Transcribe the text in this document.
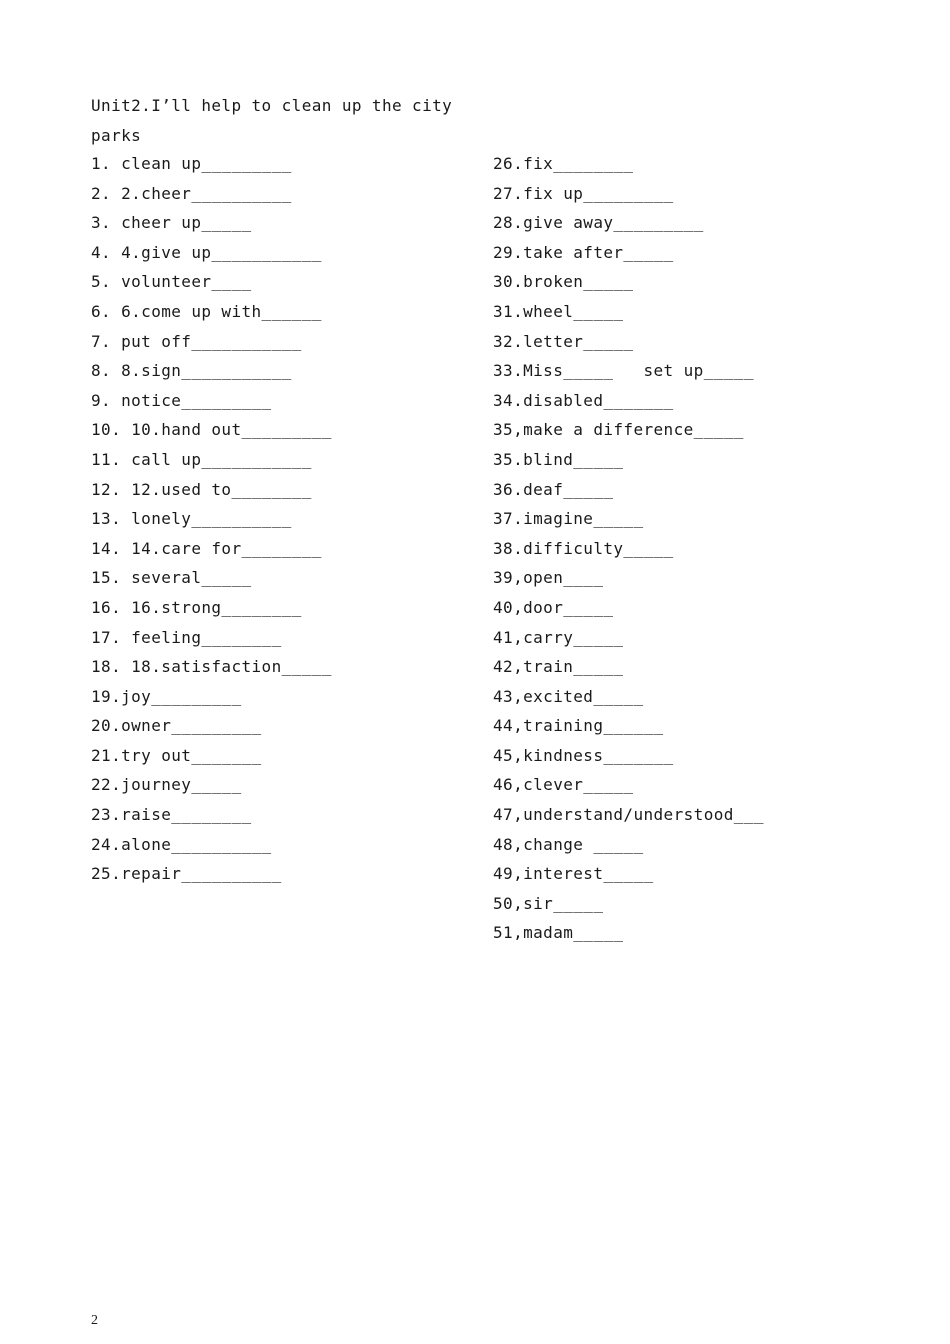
Unit2.I’ll help to clean up the city
parks
1. clean up_________
2. 2.cheer__________
3. cheer up_____
4. 4.give up___________
5. volunteer____
6. 6.come up with______
7. put off___________
8. 8.sign___________
9. notice_________
10. 10.hand out_________
11. call up___________
12. 12.used to________
13. lonely__________
14. 14.care for________
15. several_____
16. 16.strong________
17. feeling________
18. 18.satisfaction_____
19.joy_________
20.owner_________
21.try out_______
22.journey_____
23.raise________
24.alone__________
25.repair__________
26.fix________
27.fix up_________
28.give away_________
29.take after_____
30.broken_____
31.wheel_____
32.letter_____
33.Miss_____   set up_____
34.disabled_______
35,make a difference_____
35.blind_____
36.deaf_____
37.imagine_____
38.difficulty_____
39,open____
40,door_____
41,carry_____
42,train_____
43,excited_____
44,training______
45,kindness_______
46,clever_____
47,understand/understood___
48,change _____
49,interest_____
50,sir_____
51,madam_____
2
